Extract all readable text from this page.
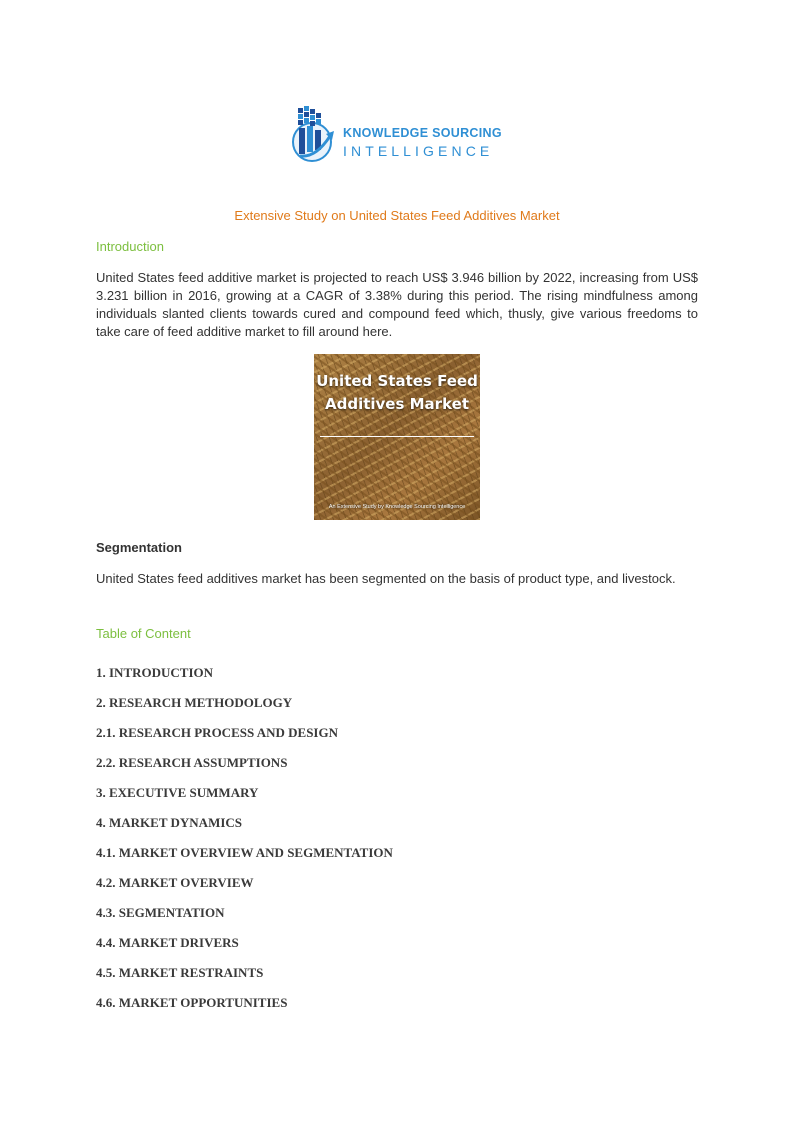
KNOWLEDGE SOURCING
INTELLIGENCE
Extensive Study on United States Feed Additives Market
Introduction

United States feed additive market is projected to reach US$ 3.946 billion by 2022, increasing from US$ 3.231 billion in 2016, growing at a CAGR of 3.38% during this period. The rising mindfulness among individuals slanted clients towards cured and compound feed which, thusly, give various freedoms to take care of feed additive market to fill around here.

United States Feed Additives Market
An Extensive Study by Knowledge Sourcing Intelligence
Segmentation

United States feed additives market has been segmented on the basis of product type, and livestock.

Table of Content
1. INTRODUCTION
2. RESEARCH METHODOLOGY
2.1. RESEARCH PROCESS AND DESIGN
2.2. RESEARCH ASSUMPTIONS
3. EXECUTIVE SUMMARY
4. MARKET DYNAMICS
4.1. MARKET OVERVIEW AND SEGMENTATION
4.2. MARKET OVERVIEW
4.3. SEGMENTATION
4.4. MARKET DRIVERS
4.5. MARKET RESTRAINTS
4.6. MARKET OPPORTUNITIES
